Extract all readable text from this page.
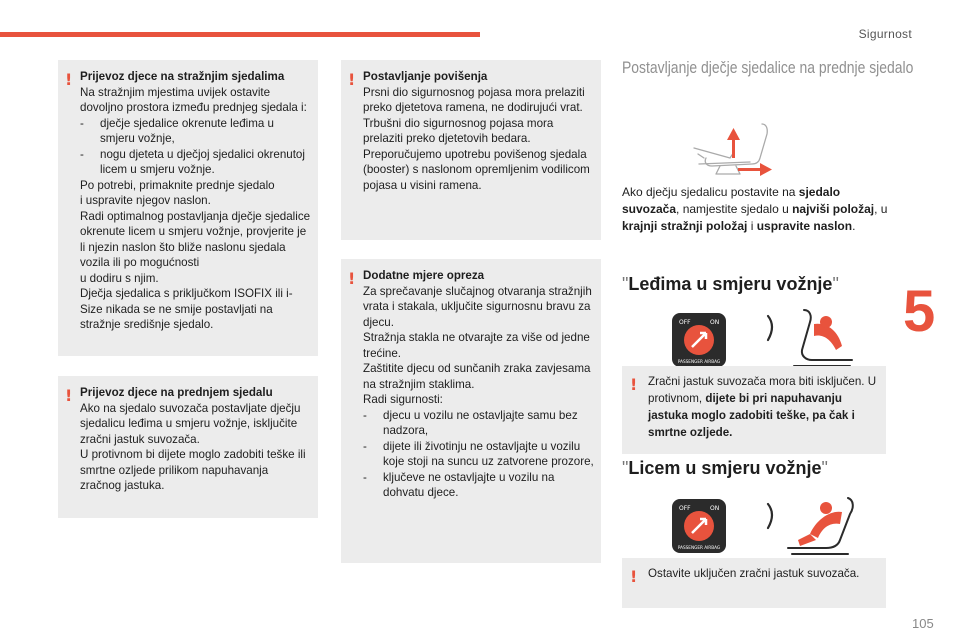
Sigurnost
5
105
! Prijevoz djece na stražnjim sjedalima

Na stražnjim mjestima uvijek ostavite dovoljno prostora između prednjeg sjedala i:

- dječje sjedalice okrenute leđima u smjeru vožnje,
- nogu djeteta u dječjoj sjedalici okrenutoj licem u smjeru vožnje.

Po potrebi, primaknite prednje sjedalo
i uspravite njegov naslon.
Radi optimalnog postavljanja dječje sjedalice okrenute licem u smjeru vožnje, provjerite je li njezin naslon što bliže naslonu sjedala vozila ili po mogućnosti
u dodiru s njim.
Dječja sjedalica s priključkom ISOFIX ili i-Size nikada se ne smije postavljati na stražnje središnje sjedalo.

! Prijevoz djece na prednjem sjedalu

Ako na sjedalo suvozača postavljate dječju sjedalicu leđima u smjeru vožnje, isključite zračni jastuk suvozača.
U protivnom bi dijete moglo zadobiti teške ili smrtne ozljede prilikom napuhavanja zračnog jastuka.

! Postavljanje povišenja

Prsni dio sigurnosnog pojasa mora prelaziti preko djetetova ramena, ne dodirujući vrat.
Trbušni dio sigurnosnog pojasa mora prelaziti preko djetetovih bedara.
Preporučujemo upotrebu povišenog sjedala (booster) s naslonom opremljenim vodilicom pojasa u visini ramena.

! Dodatne mjere opreza

Za sprečavanje slučajnog otvaranja stražnjih vrata i stakala, uključite sigurnosnu bravu za djecu.
Stražnja stakla ne otvarajte za više od jedne trećine.
Zaštitite djecu od sunčanih zraka zavjesama na stražnjim staklima.
Radi sigurnosti:

- djecu u vozilu ne ostavljajte samu bez nadzora,
- dijete ili životinju ne ostavljajte u vozilu koje stoji na suncu uz zatvorene prozore,
- ključeve ne ostavljajte u vozilu na dohvatu djece.
Postavljanje dječje sjedalice na prednje sjedalo
Ako dječju sjedalicu postavite na sjedalo suvozača, namjestite sjedalo u najviši položaj, u krajnji stražnji položaj i uspravite naslon.
"Leđima u smjeru vožnje"
OFF	ON
PASSENGER AIRBAG
! Zračni jastuk suvozača mora biti isključen. U protivnom, dijete bi pri napuhavanju jastuka moglo zadobiti teške, pa čak i smrtne ozljede.
"Licem u smjeru vožnje"
OFF	ON
PASSENGER AIRBAG
! Ostavite uključen zračni jastuk suvozača.
